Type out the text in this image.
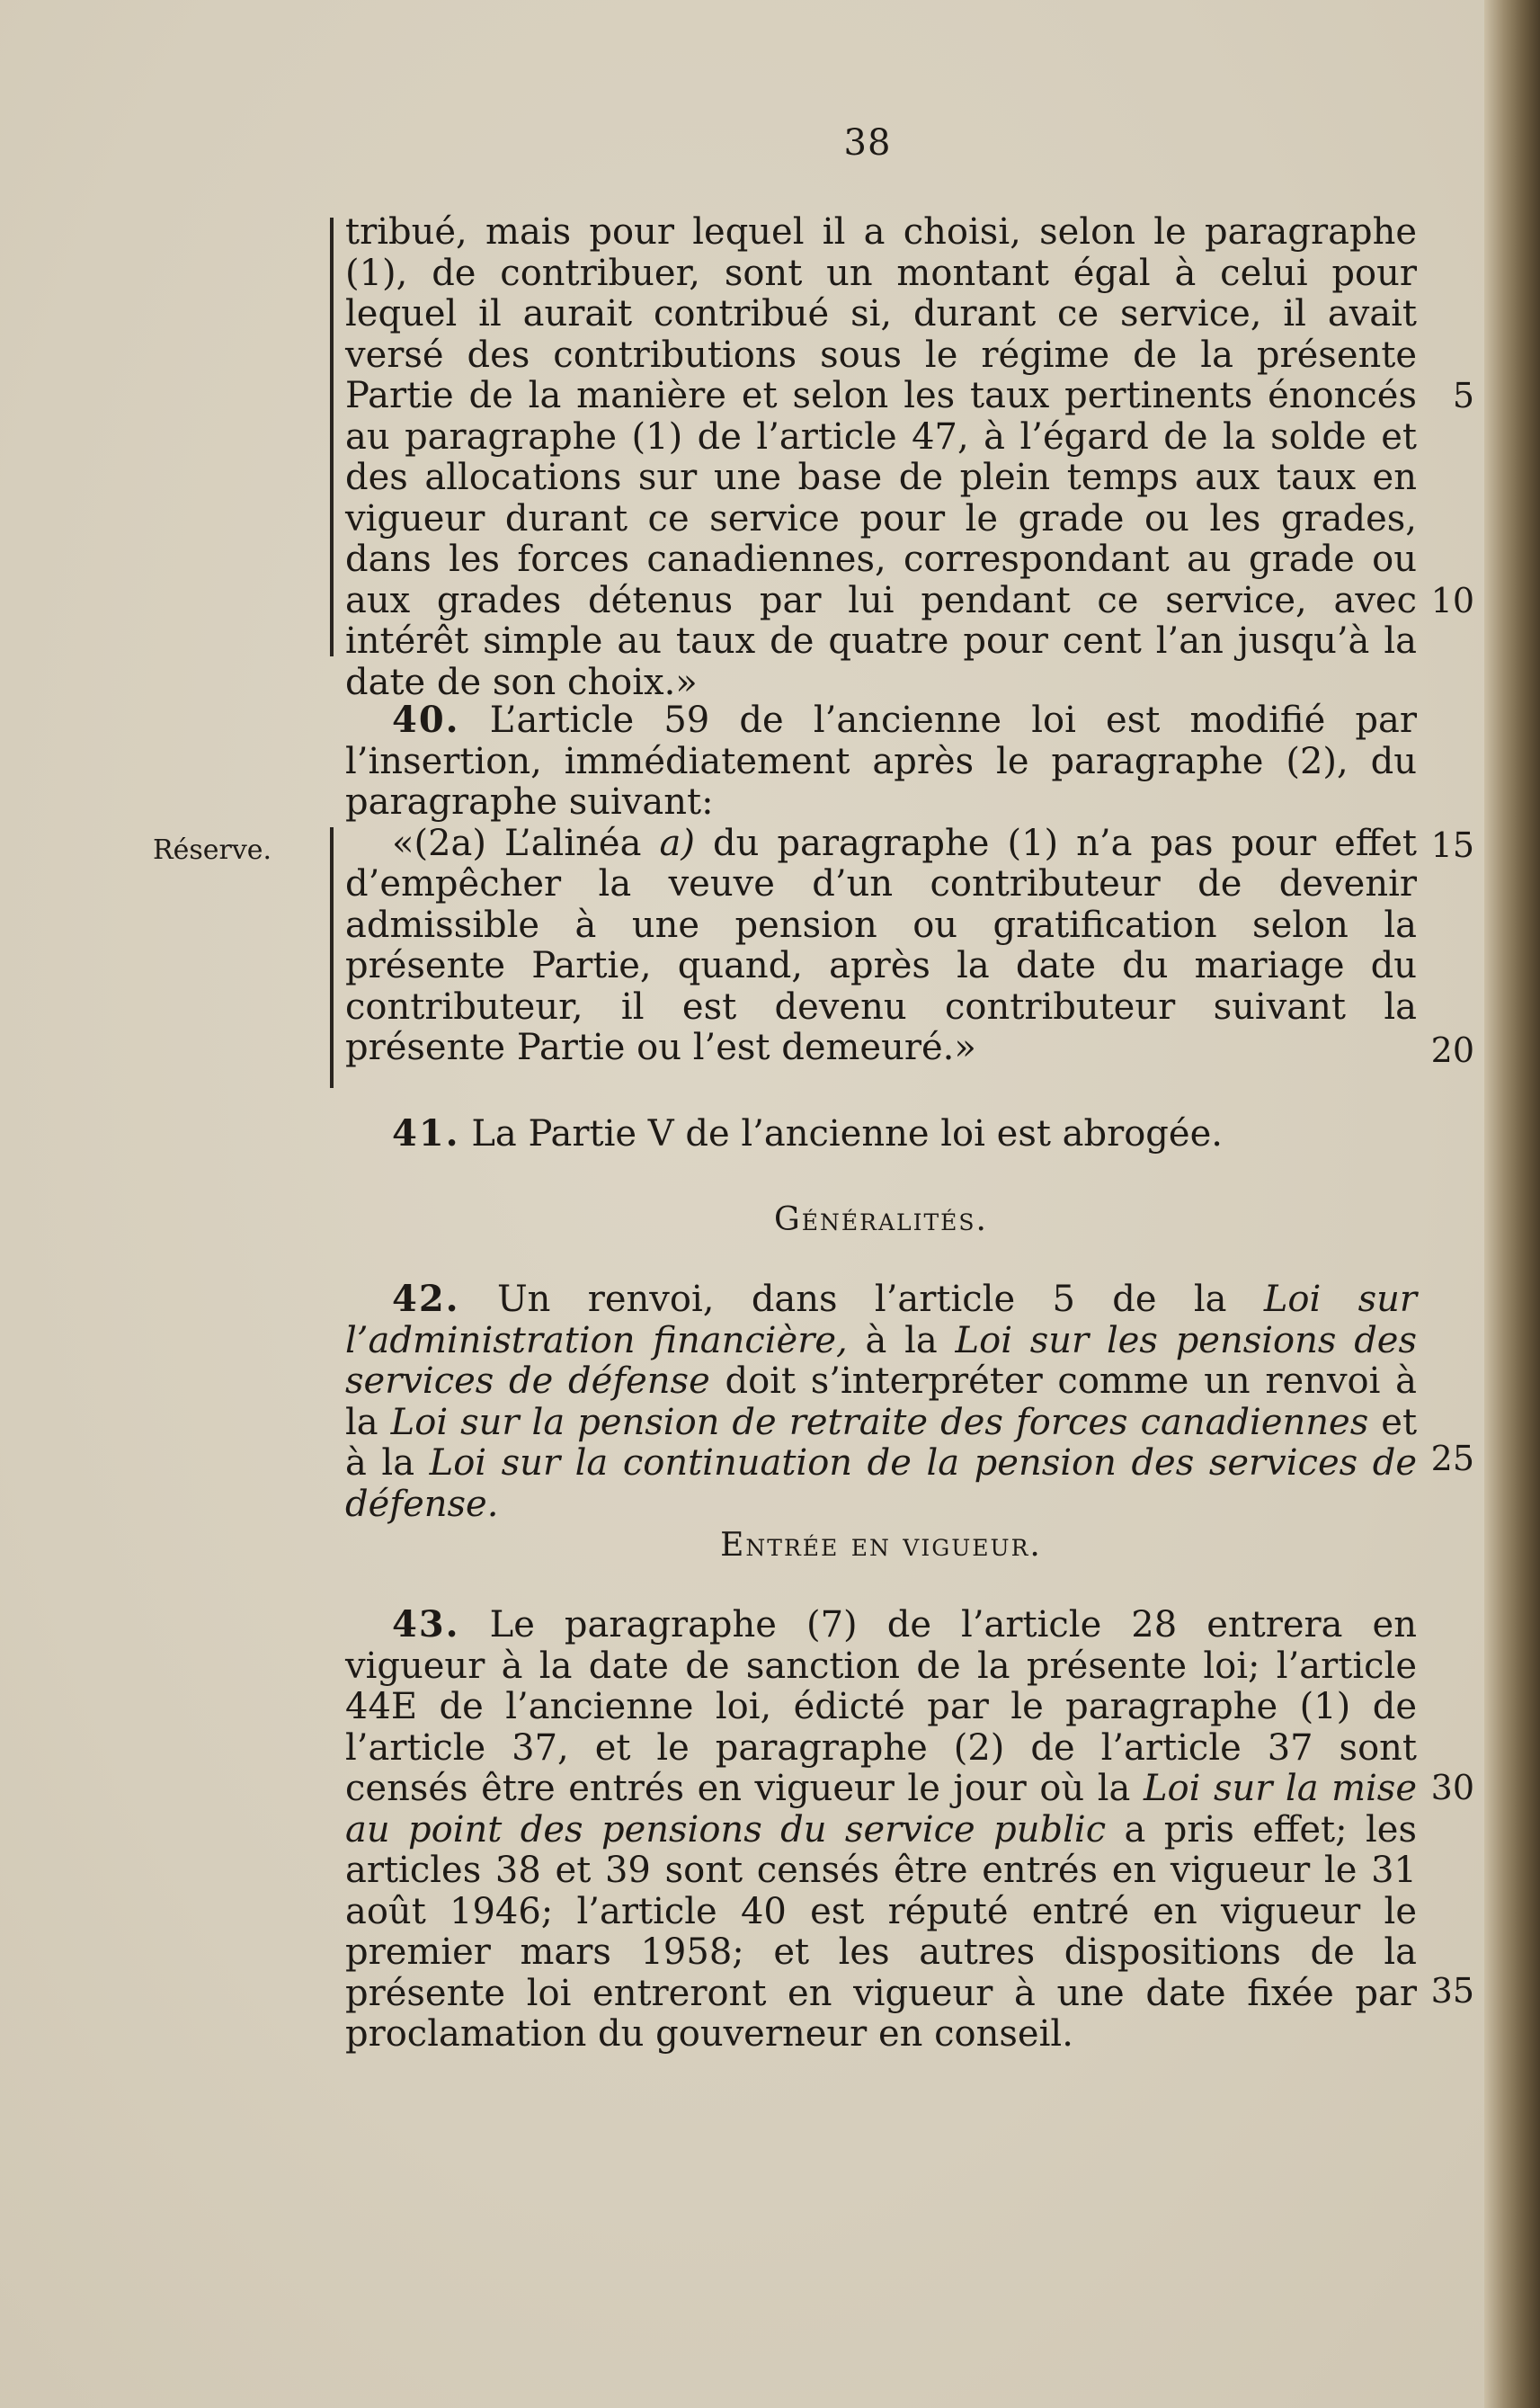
38
Réserve.
5
10
15
20
25
30
35

tribué, mais pour lequel il a choisi, selon le paragraphe (1), de contribuer, sont un montant égal à celui pour lequel il aurait contribué si, durant ce service, il avait versé des contributions sous le régime de la présente Partie de la manière et selon les taux pertinents énoncés au paragraphe (1) de l’article 47, à l’égard de la solde et des allocations sur une base de plein temps aux taux en vigueur durant ce service pour le grade ou les grades, dans les forces canadiennes, correspondant au grade ou aux grades détenus par lui pendant ce service, avec intérêt simple au taux de quatre pour cent l’an jusqu’à la date de son choix.»

40. L’article 59 de l’ancienne loi est modifié par l’insertion, immédiatement après le paragraphe (2), du paragraphe suivant:

«(2a) L’alinéa a) du paragraphe (1) n’a pas pour effet d’empêcher la veuve d’un contributeur de devenir admissible à une pension ou gratification selon la présente Partie, quand, après la date du mariage du contributeur, il est devenu contributeur suivant la présente Partie ou l’est demeuré.»

41. La Partie V de l’ancienne loi est abrogée.

Généralités.

42. Un renvoi, dans l’article 5 de la Loi sur l’administration financière, à la Loi sur les pensions des services de défense doit s’interpréter comme un renvoi à la Loi sur la pension de retraite des forces canadiennes et à la Loi sur la continuation de la pension des services de défense.

Entrée en vigueur.

43. Le paragraphe (7) de l’article 28 entrera en vigueur à la date de sanction de la présente loi; l’article 44E de l’ancienne loi, édicté par le paragraphe (1) de l’article 37, et le paragraphe (2) de l’article 37 sont censés être entrés en vigueur le jour où la Loi sur la mise au point des pensions du service public a pris effet; les articles 38 et 39 sont censés être entrés en vigueur le 31 août 1946; l’article 40 est réputé entré en vigueur le premier mars 1958; et les autres dispositions de la présente loi entreront en vigueur à une date fixée par proclamation du gouverneur en conseil.
